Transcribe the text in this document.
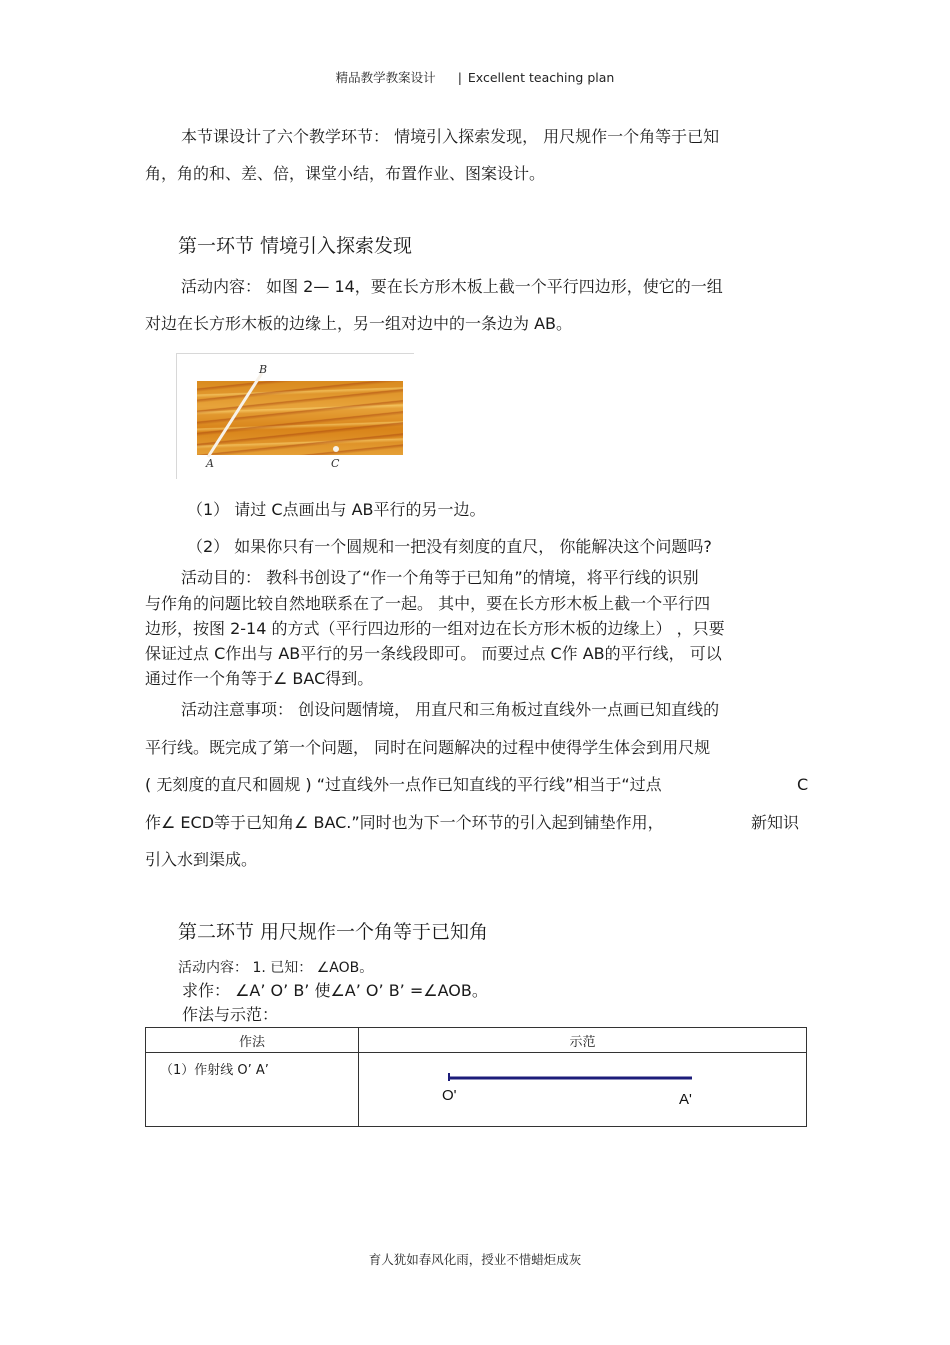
精品教学教案设计 | Excellent teaching plan
本节课设计了六个教学环节： 情境引入探索发现， 用尺规作一个角等于已知
角，角的和、差、倍，课堂小结，布置作业、图案设计。
第一环节 情境引入探索发现
活动内容： 如图 2— 14，要在长方形木板上截一个平行四边形，使它的一组
对边在长方形木板的边缘上，另一组对边中的一条边为 AB。
B
A	C
（1） 请过 C点画出与 AB平行的另一边。
（2） 如果你只有一个圆规和一把没有刻度的直尺， 你能解决这个问题吗?
活动目的： 教科书创设了“作一个角等于已知角”的情境，将平行线的识别
与作角的问题比较自然地联系在了一起。 其中，要在长方形木板上截一个平行四
边形，按图 2-14 的方式（平行四边形的一组对边在长方形木板的边缘上） ，只要
保证过点 C作出与 AB平行的另一条线段即可。 而要过点 C作 AB的平行线， 可以
通过作一个角等于∠ BAC得到。
活动注意事项： 创设问题情境， 用直尺和三角板过直线外一点画已知直线的
平行线。既完成了第一个问题， 同时在问题解决的过程中使得学生体会到用尺规
( 无刻度的直尺和圆规 ) “过直线外一点作已知直线的平行线”相当于“过点	C
作∠ ECD等于已知角∠ BAC.”同时也为下一个环节的引入起到铺垫作用，	新知识
引入水到渠成。
第二环节 用尺规作一个角等于已知角
活动内容： 1. 已知： ∠AOB。
求作： ∠A’ O’ B’ 使∠A’ O’ B’ =∠AOB。
作法与示范：
作法	示范
（1）作射线 O’ A’	O' A'
育人犹如春风化雨，授业不惜蜡炬成灰
